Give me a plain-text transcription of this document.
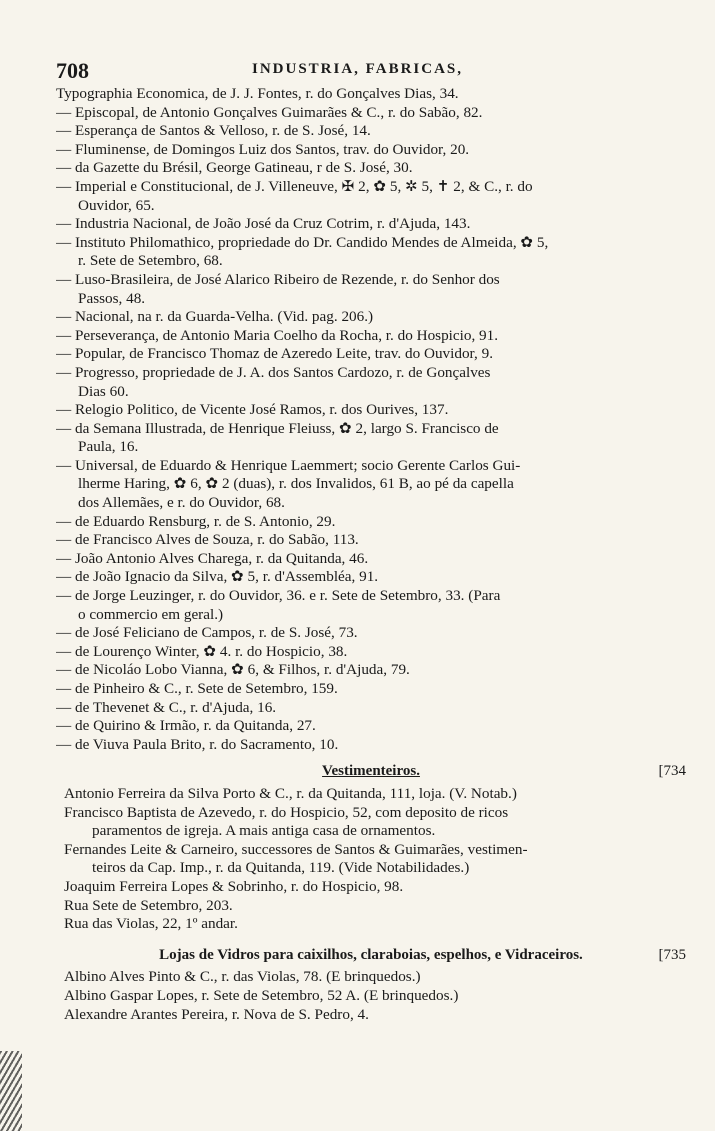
708	INDUSTRIA, FABRICAS,
Typographia Economica, de J. J. Fontes, r. do Gonçalves Dias, 34.
— Episcopal, de Antonio Gonçalves Guimarães & C., r. do Sabão, 82.
— Esperança de Santos & Velloso, r. de S. José, 14.
— Fluminense, de Domingos Luiz dos Santos, trav. do Ouvidor, 20.
— da Gazette du Brésil, George Gatineau, r de S. José, 30.
— Imperial e Constitucional, de J. Villeneuve, ✠ 2, ✿ 5, ✲ 5, ✝ 2, & C., r. do
Ouvidor, 65.
— Industria Nacional, de João José da Cruz Cotrim, r. d'Ajuda, 143.
— Instituto Philomathico, propriedade do Dr. Candido Mendes de Almeida, ✿ 5,
r. Sete de Setembro, 68.
— Luso-Brasileira, de José Alarico Ribeiro de Rezende, r. do Senhor dos
Passos, 48.
— Nacional, na r. da Guarda-Velha. (Vid. pag. 206.)
— Perseverança, de Antonio Maria Coelho da Rocha, r. do Hospicio, 91.
— Popular, de Francisco Thomaz de Azeredo Leite, trav. do Ouvidor, 9.
— Progresso, propriedade de J. A. dos Santos Cardozo, r. de Gonçalves
Dias 60.
— Relogio Politico, de Vicente José Ramos, r. dos Ourives, 137.
— da Semana Illustrada, de Henrique Fleiuss, ✿ 2, largo S. Francisco de
Paula, 16.
— Universal, de Eduardo & Henrique Laemmert; socio Gerente Carlos Gui-
lherme Haring, ✿ 6, ✿ 2 (duas), r. dos Invalidos, 61 B, ao pé da capella
dos Allemães, e r. do Ouvidor, 68.
— de Eduardo Rensburg, r. de S. Antonio, 29.
— de Francisco Alves de Souza, r. do Sabão, 113.
— João Antonio Alves Charega, r. da Quitanda, 46.
— de João Ignacio da Silva, ✿ 5, r. d'Assembléa, 91.
— de Jorge Leuzinger, r. do Ouvidor, 36. e r. Sete de Setembro, 33. (Para
o commercio em geral.)
— de José Feliciano de Campos, r. de S. José, 73.
— de Lourenço Winter, ✿ 4. r. do Hospicio, 38.
— de Nicoláo Lobo Vianna, ✿ 6, & Filhos, r. d'Ajuda, 79.
— de Pinheiro & C., r. Sete de Setembro, 159.
— de Thevenet & C., r. d'Ajuda, 16.
— de Quirino & Irmão, r. da Quitanda, 27.
— de Viuva Paula Brito, r. do Sacramento, 10.
Vestimenteiros.	[734
Antonio Ferreira da Silva Porto & C., r. da Quitanda, 111, loja. (V. Notab.)
Francisco Baptista de Azevedo, r. do Hospicio, 52, com deposito de ricos
paramentos de igreja. A mais antiga casa de ornamentos.
Fernandes Leite & Carneiro, successores de Santos & Guimarães, vestimen-
teiros da Cap. Imp., r. da Quitanda, 119. (Vide Notabilidades.)
Joaquim Ferreira Lopes & Sobrinho, r. do Hospicio, 98.
Rua Sete de Setembro, 203.
Rua das Violas, 22, 1º andar.
Lojas de Vidros para caixilhos, claraboias, espelhos, e Vidraceiros.	[735
Albino Alves Pinto & C., r. das Violas, 78. (E brinquedos.)
Albino Gaspar Lopes, r. Sete de Setembro, 52 A. (E brinquedos.)
Alexandre Arantes Pereira, r. Nova de S. Pedro, 4.
